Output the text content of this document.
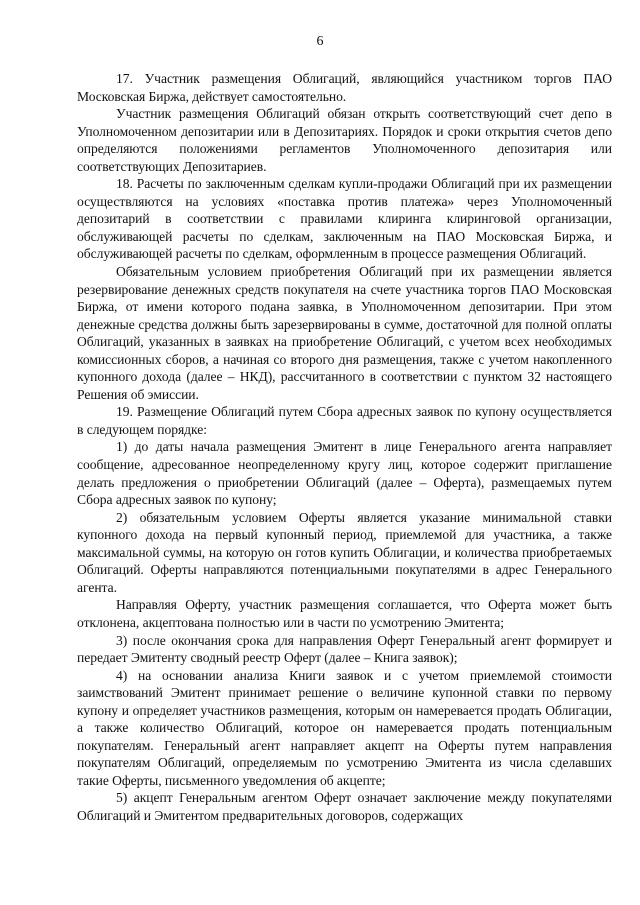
6

17. Участник размещения Облигаций, являющийся участником торгов ПАО Московская Биржа, действует самостоятельно.

Участник размещения Облигаций обязан открыть соответствующий счет депо в Уполномоченном депозитарии или в Депозитариях. Порядок и сроки открытия счетов депо определяются положениями регламентов Уполномоченного депозитария или соответствующих Депозитариев.

18. Расчеты по заключенным сделкам купли-продажи Облигаций при их размещении осуществляются на условиях «поставка против платежа» через Уполномоченный депозитарий в соответствии с правилами клиринга клиринговой организации, обслуживающей расчеты по сделкам, заключенным на ПАО Московская Биржа, и обслуживающей расчеты по сделкам, оформленным в процессе размещения Облигаций.

Обязательным условием приобретения Облигаций при их размещении является резервирование денежных средств покупателя на счете участника торгов ПАО Московская Биржа, от имени которого подана заявка, в Уполномоченном депозитарии. При этом денежные средства должны быть зарезервированы в сумме, достаточной для полной оплаты Облигаций, указанных в заявках на приобретение Облигаций, с учетом всех необходимых комиссионных сборов, а начиная со второго дня размещения, также с учетом накопленного купонного дохода (далее – НКД), рассчитанного в соответствии с пунктом 32 настоящего Решения об эмиссии.

19. Размещение Облигаций путем Сбора адресных заявок по купону осуществляется в следующем порядке:

1) до даты начала размещения Эмитент в лице Генерального агента направляет сообщение, адресованное неопределенному кругу лиц, которое содержит приглашение делать предложения о приобретении Облигаций (далее – Оферта), размещаемых путем Сбора адресных заявок по купону;

2) обязательным условием Оферты является указание минимальной ставки купонного дохода на первый купонный период, приемлемой для участника, а также максимальной суммы, на которую он готов купить Облигации, и количества приобретаемых Облигаций. Оферты направляются потенциальными покупателями в адрес Генерального агента.

Направляя Оферту, участник размещения соглашается, что Оферта может быть отклонена, акцептована полностью или в части по усмотрению Эмитента;

3) после окончания срока для направления Оферт Генеральный агент формирует и передает Эмитенту сводный реестр Оферт (далее – Книга заявок);

4) на основании анализа Книги заявок и с учетом приемлемой стоимости заимствований Эмитент принимает решение о величине купонной ставки по первому купону и определяет участников размещения, которым он намеревается продать Облигации, а также количество Облигаций, которое он намеревается продать потенциальным покупателям. Генеральный агент направляет акцепт на Оферты путем направления покупателям Облигаций, определяемым по усмотрению Эмитента из числа сделавших такие Оферты, письменного уведомления об акцепте;

5) акцепт Генеральным агентом Оферт означает заключение между покупателями Облигаций и Эмитентом предварительных договоров, содержащих
